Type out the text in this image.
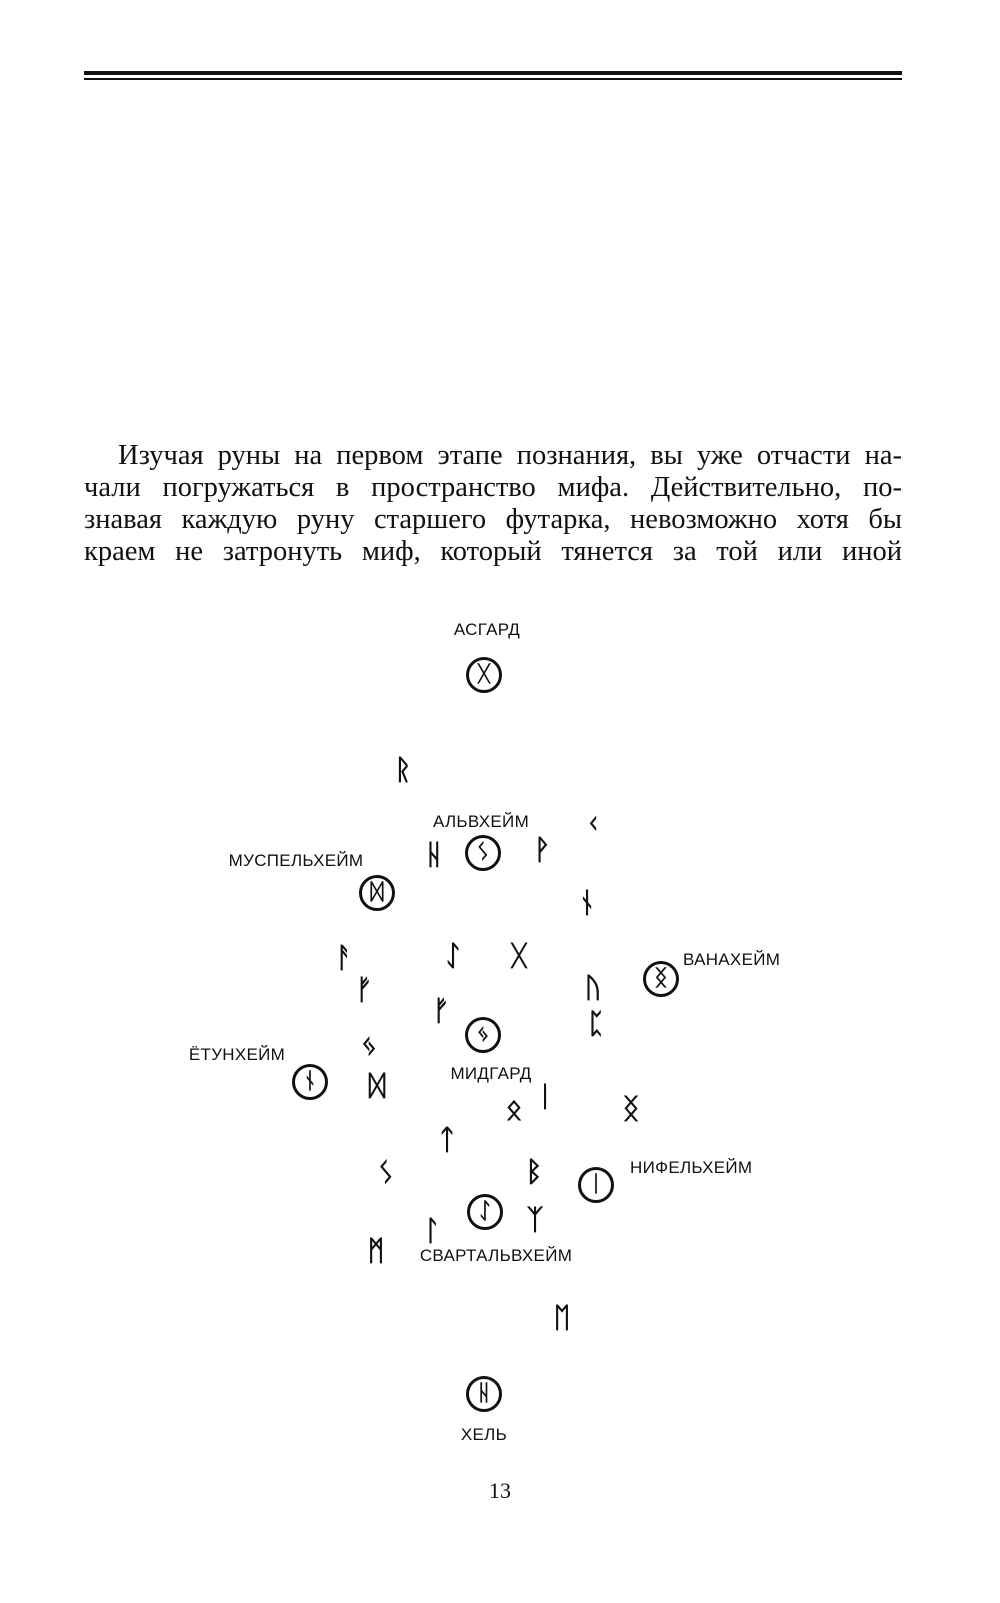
Изучая руны на первом этапе познания, вы уже отчасти на-
чали погружаться в пространство мифа. Действительно, по-
знавая каждую руну старшего футарка, невозможно хотя бы
краем не затронуть миф, который тянется за той или иной

АСГАРД
ᚷ
АЛЬВХЕЙМ
ᛊ
МУСПЕЛЬХЕЙМ
ᛞ
ВАНАХЕЙМ
ᛝ
ЁТУНХЕЙМ
ᚾ
ᛃ
МИДГАРД
ᛁ
НИФЕЛЬХЕЙМ
ᛇ
СВАРТАЛЬВХЕЙМ
ᚺ
ХЕЛЬ
ᚱ
ᚲ
ᚺ	ᚹ
ᚾ
ᚨ	ᛇ ᚷ
ᚢ
ᚠ
ᚠ	ᛈ
ᛃ
ᛞ
ᛟ ᛁ ᛝ
ᛏ
ᛊ	ᛒ
ᛚ	ᛉ
ᛗ
ᛖ
13
